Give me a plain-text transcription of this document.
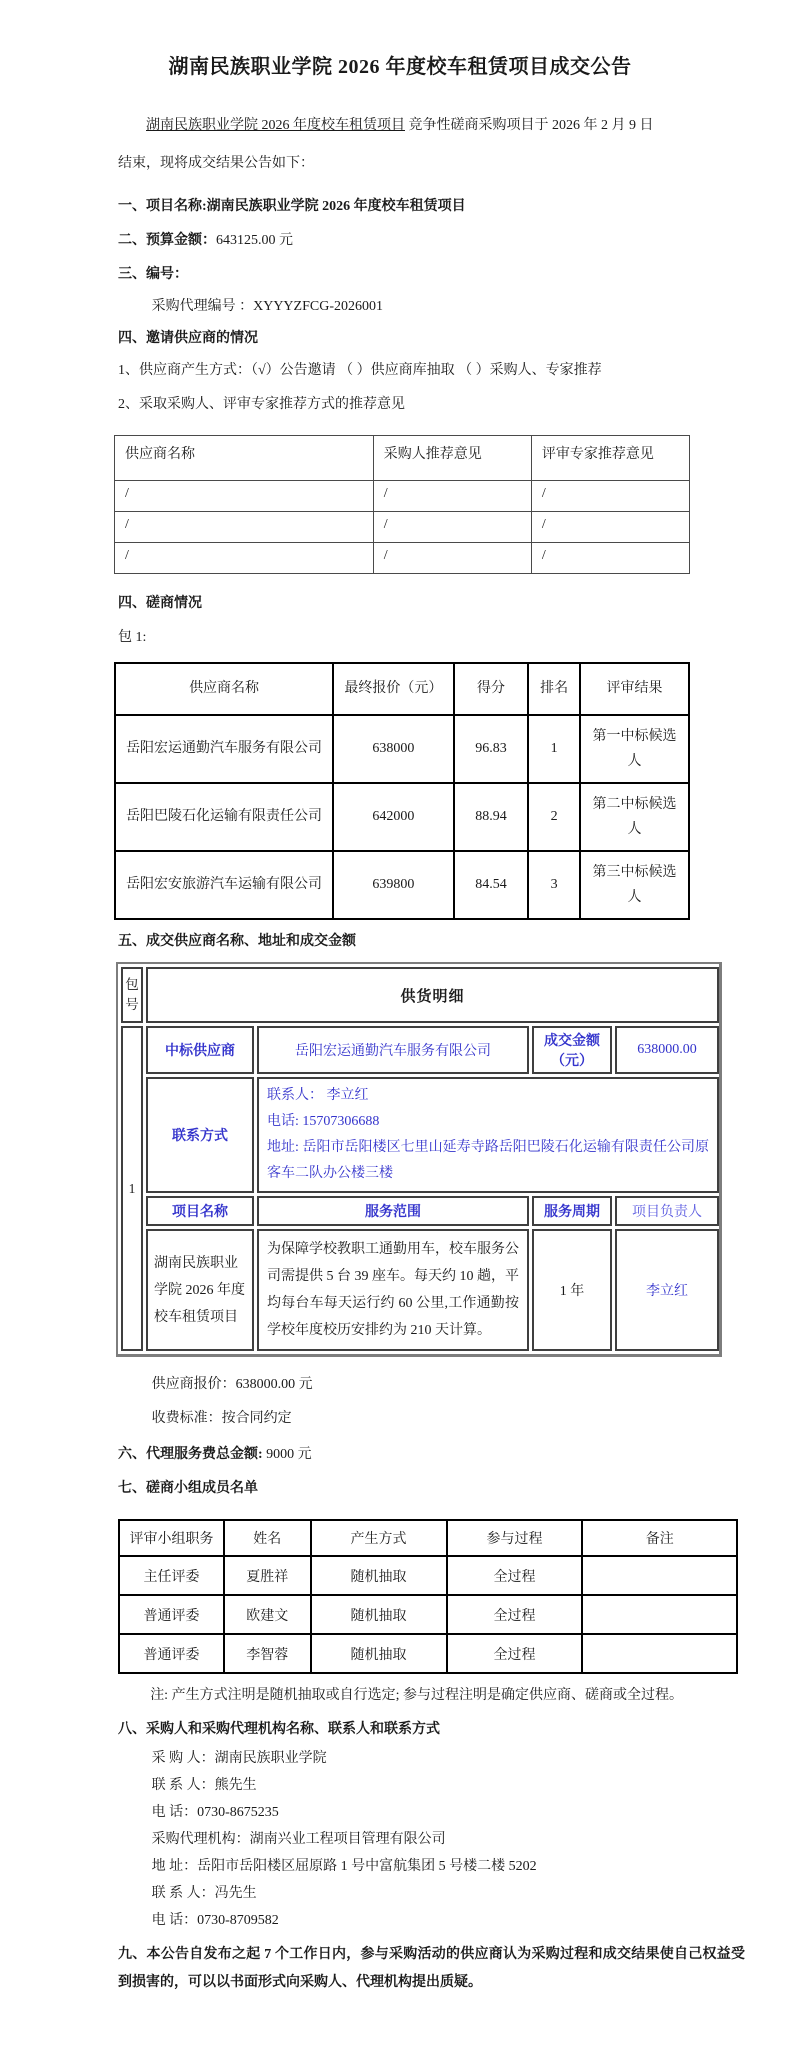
湖南民族职业学院 2026 年度校车租赁项目成交公告

湖南民族职业学院 2026 年度校车租赁项目 竞争性磋商采购项目于 2026 年 2 月 9 日
结束，现将成交结果公告如下：

一、项目名称:湖南民族职业学院 2026 年度校车租赁项目

二、预算金额：643125.00 元

三、编号：

采购代理编号 ：XYYYZFCG-2026001

四、邀请供应商的情况

1、供应商产生方式：（√）公告邀请 （ ）供应商库抽取 （ ）采购人、专家推荐

2、采取采购人、评审专家推荐方式的推荐意见

供应商名称	采购人推荐意见	评审专家推荐意见
/	/	/
/	/	/
/	/	/

四、磋商情况

包 1:

供应商名称	最终报价（元）	得分	排名	评审结果
岳阳宏运通勤汽车服务有限公司	638000	96.83	1	第一中标候选人
岳阳巴陵石化运输有限责任公司	642000	88.94	2	第二中标候选人
岳阳宏安旅游汽车运输有限公司	639800	84.54	3	第三中标候选人

五、成交供应商名称、地址和成交金额

包号	供货明细			
1	中标供应商	岳阳宏运通勤汽车服务有限公司	成交金额（元）	638000.00
	联系方式	联系人： 李立红
电话: 15707306688
地址: 岳阳市岳阳楼区七里山延寿寺路岳阳巴陵石化运输有限责任公司原客车二队办公楼三楼		
	项目名称	服务范围	服务周期	项目负责人
	湖南民族职业学院 2026 年度校车租赁项目	为保障学校教职工通勤用车，校车服务公司需提供 5 台 39 座车。每天约 10 趟，平均每台车每天运行约 60 公里,工作通勤按学校年度校历安排约为 210 天计算。	1 年	李立红

供应商报价：638000.00 元

收费标准：按合同约定

六、代理服务费总金额: 9000 元

七、磋商小组成员名单

评审小组职务	姓名	产生方式	参与过程	备注
主任评委	夏胜祥	随机抽取	全过程	
普通评委	欧建文	随机抽取	全过程	
普通评委	李智蓉	随机抽取	全过程	

注: 产生方式注明是随机抽取或自行选定; 参与过程注明是确定供应商、磋商或全过程。

八、采购人和采购代理机构名称、联系人和联系方式

采 购 人：湖南民族职业学院

联 系 人：熊先生

电 话：0730-8675235

采购代理机构：湖南兴业工程项目管理有限公司

地 址：岳阳市岳阳楼区屈原路 1 号中富航集团 5 号楼二楼 5202

联 系 人：冯先生

电 话：0730-8709582

九、本公告自发布之起 7 个工作日内，参与采购活动的供应商认为采购过程和成交结果使自己权益受到损害的，可以以书面形式向采购人、代理机构提出质疑。
